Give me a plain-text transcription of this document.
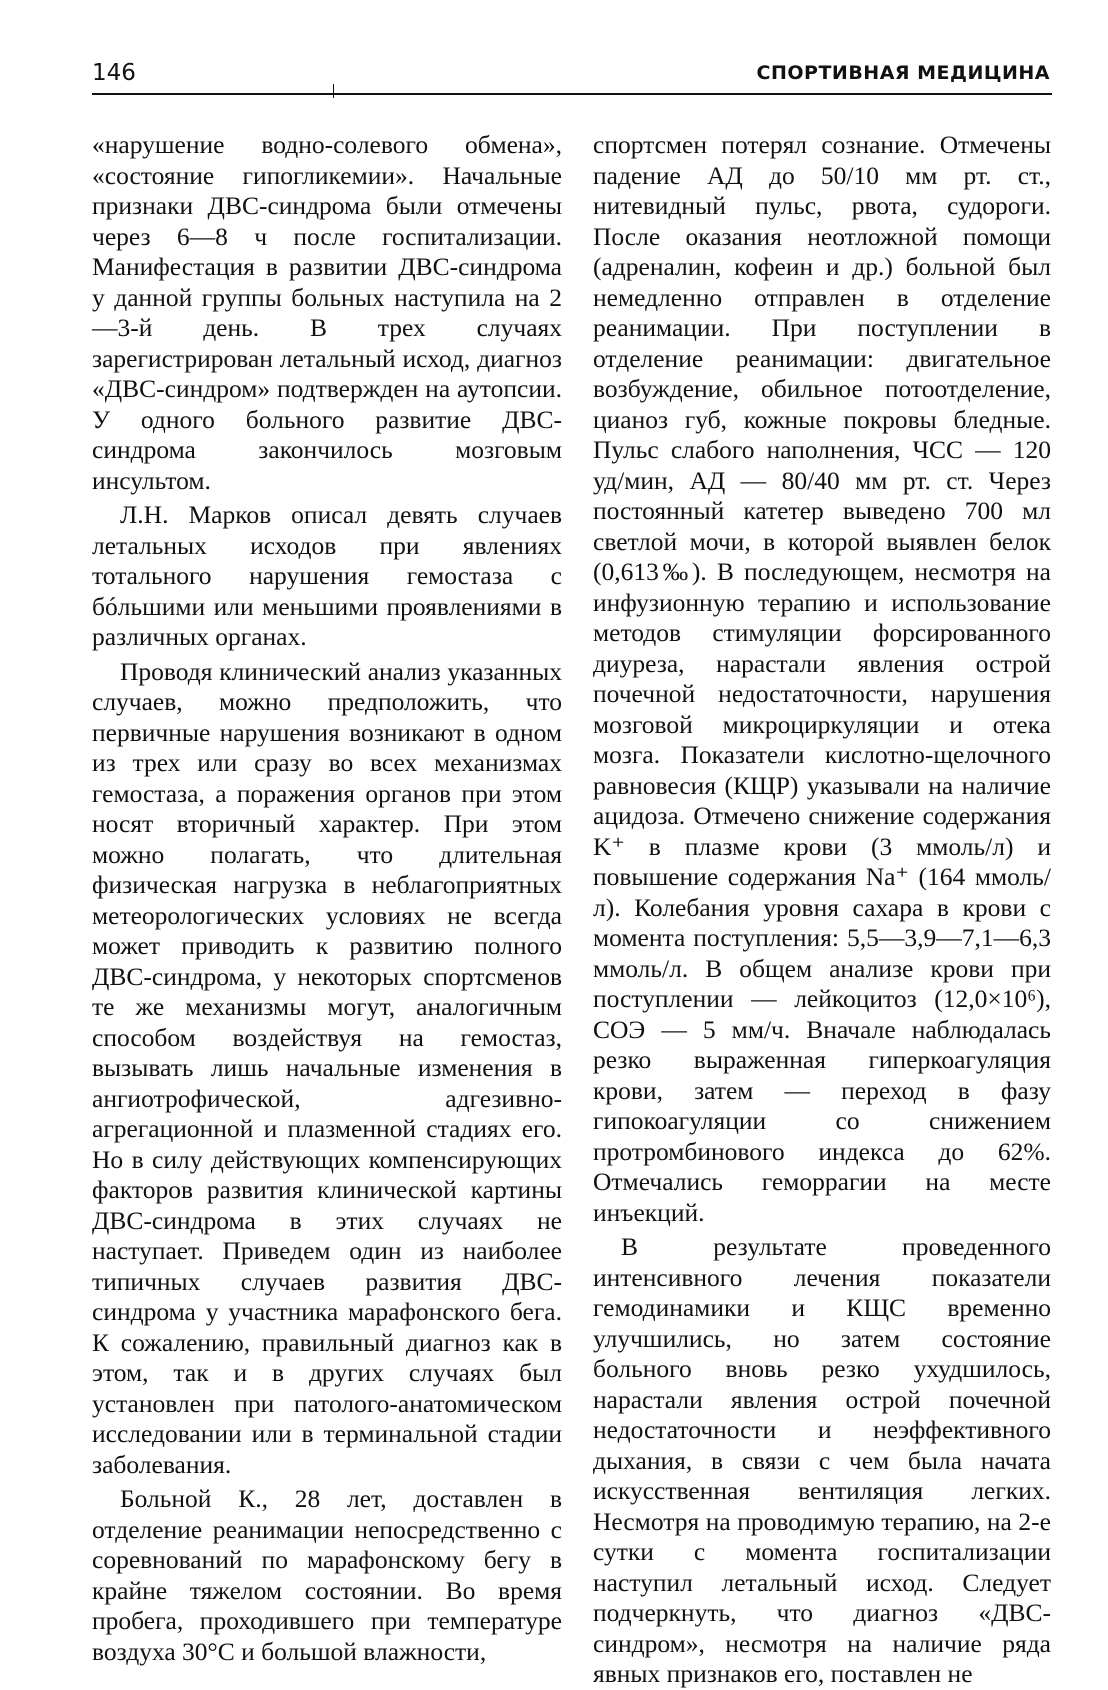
146	СПОРТИВНАЯ МЕДИЦИНА

«нарушение водно-солевого обмена», «состояние гипогликемии». Начальные признаки ДВС-синдрома были отмечены через 6—8 ч после госпитализации. Манифестация в развитии ДВС-синдрома у данной группы больных наступила на 2—3-й день. В трех случаях зарегистрирован летальный исход, диагноз «ДВС-синдром» подтвержден на аутопсии. У одного больного развитие ДВС-синдрома закончилось мозговым инсультом.

Л.Н. Марков описал девять случаев летальных исходов при явлениях тотального нарушения гемостаза с бóльшими или меньшими проявлениями в различных органах.

Проводя клинический анализ указанных случаев, можно предположить, что первичные нарушения возникают в одном из трех или сразу во всех механизмах гемостаза, а поражения органов при этом носят вторичный характер. При этом можно полагать, что длительная физическая нагрузка в неблагоприятных метеорологических условиях не всегда может приводить к развитию полного ДВС-синдрома, у некоторых спортсменов те же механизмы могут, аналогичным способом воздействуя на гемостаз, вызывать лишь начальные изменения в ангиотрофической, адгезивно-агрегационной и плазменной стадиях его. Но в силу действующих компенсирующих факторов развития клинической картины ДВС-синдрома в этих случаях не наступает. Приведем один из наиболее типичных случаев развития ДВС-синдрома у участника марафонского бега. К сожалению, правильный диагноз как в этом, так и в других случаях был установлен при патолого-анатомическом исследовании или в терминальной стадии заболевания.

Больной К., 28 лет, доставлен в отделение реанимации непосредственно с соревнований по марафонскому бегу в крайне тяжелом состоянии. Во время пробега, проходившего при температуре воздуха 30°С и большой влажности,

спортсмен потерял сознание. Отмечены падение АД до 50/10 мм рт. ст., нитевидный пульс, рвота, судороги. После оказания неотложной помощи (адреналин, кофеин и др.) больной был немедленно отправлен в отделение реанимации. При поступлении в отделение реанимации: двигательное возбуждение, обильное потоотделение, цианоз губ, кожные покровы бледные. Пульс слабого наполнения, ЧСС — 120 уд/мин, АД — 80/40 мм рт. ст. Через постоянный катетер выведено 700 мл светлой мочи, в которой выявлен белок (0,613‰). В последующем, несмотря на инфузионную терапию и использование методов стимуляции форсированного диуреза, нарастали явления острой почечной недостаточности, нарушения мозговой микроциркуляции и отека мозга. Показатели кислотно-щелочного равновесия (КЩР) указывали на наличие ацидоза. Отмечено снижение содержания K⁺ в плазме крови (3 ммоль/л) и повышение содержания Na⁺ (164 ммоль/л). Колебания уровня сахара в крови с момента поступления: 5,5—3,9—7,1—6,3 ммоль/л. В общем анализе крови при поступлении — лейкоцитоз (12,0×10⁶), СОЭ — 5 мм/ч. Вначале наблюдалась резко выраженная гиперкоагуляция крови, затем — переход в фазу гипокоагуляции со снижением протромбинового индекса до 62%. Отмечались геморрагии на месте инъекций.

В результате проведенного интенсивного лечения показатели гемодинамики и КЩС временно улучшились, но затем состояние больного вновь резко ухудшилось, нарастали явления острой почечной недостаточности и неэффективного дыхания, в связи с чем была начата искусственная вентиляция легких. Несмотря на проводимую терапию, на 2-е сутки с момента госпитализации наступил летальный исход. Следует подчеркнуть, что диагноз «ДВС-синдром», несмотря на наличие ряда явных признаков его, поставлен не
